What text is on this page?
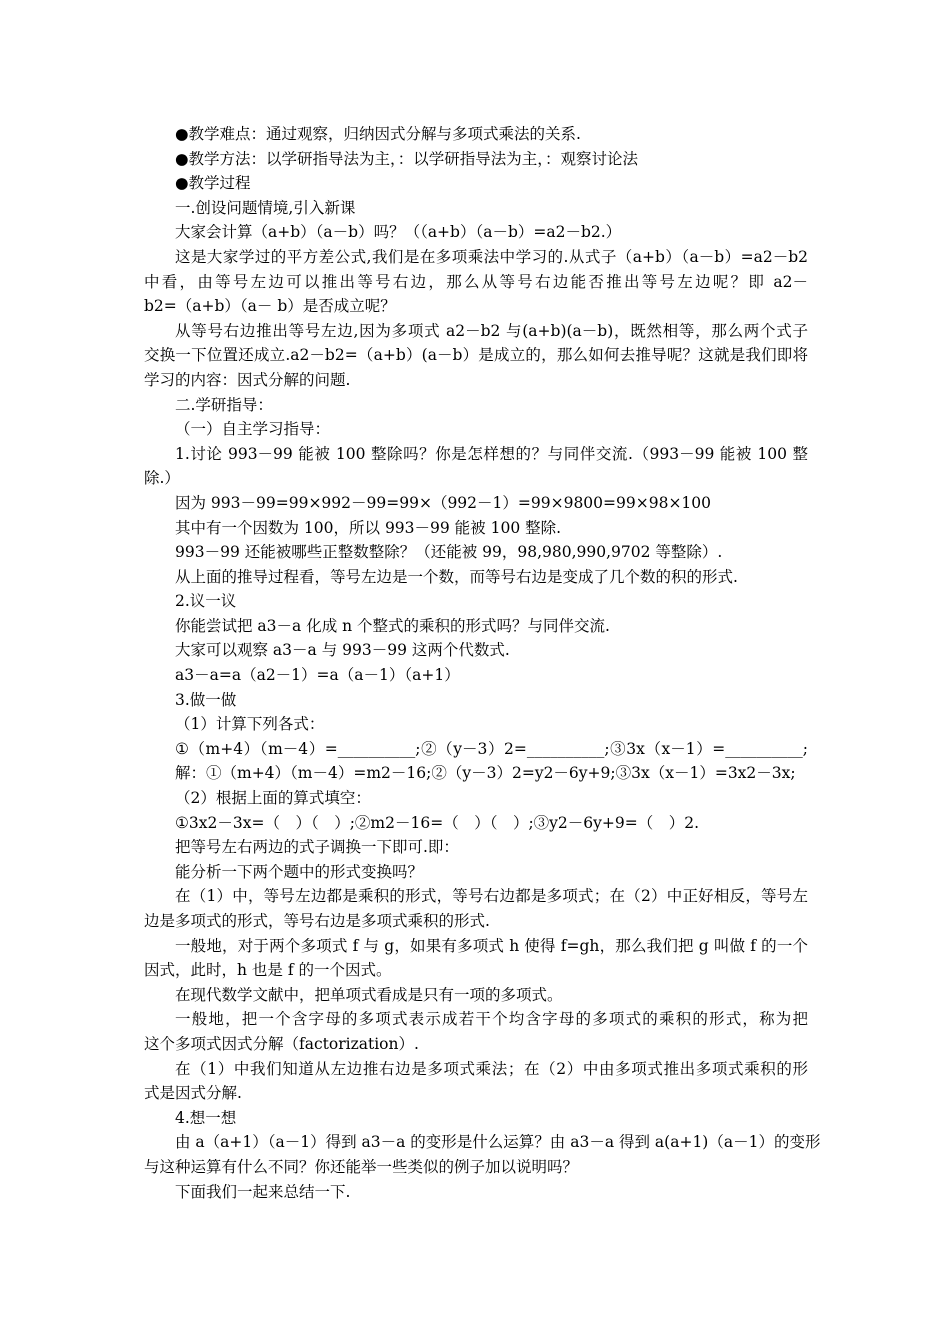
●教学难点：通过观察，归纳因式分解与多项式乘法的关系.
●教学方法：以学研指导法为主，：以学研指导法为主，：观察讨论法
●教学过程
一.创设问题情境,引入新课
大家会计算（a+b）（a－b）吗？（（a+b）（a－b）=a2－b2.）
这是大家学过的平方差公式,我们是在多项乘法中学习的.从式子（a+b）（a－b）=a2－b2
中看，由等号左边可以推出等号右边，那么从等号右边能否推出等号左边呢？即 a2－
b2=（a+b）（a－ b）是否成立呢？
从等号右边推出等号左边,因为多项式 a2－b2 与(a+b)(a－b)，既然相等，那么两个式子
交换一下位置还成立.a2－b2=（a+b）(a－b）是成立的，那么如何去推导呢？这就是我们即将
学习的内容：因式分解的问题.
二.学研指导：
（一）自主学习指导：
1.讨论 993－99 能被 100 整除吗？你是怎样想的？与同伴交流.（993－99 能被 100 整
除.）
因为 993－99=99×992－99=99×（992－1）=99×9800=99×98×100
其中有一个因数为 100，所以 993－99 能被 100 整除.
993－99 还能被哪些正整数整除？（还能被 99，98,980,990,9702 等整除）.
从上面的推导过程看，等号左边是一个数，而等号右边是变成了几个数的积的形式.
2.议一议
你能尝试把 a3－a 化成 n 个整式的乘积的形式吗？与同伴交流.
大家可以观察 a3－a 与 993－99 这两个代数式.
a3－a=a（a2－1）=a（a－1）（a+1）
3.做一做
（1）计算下列各式：
①（m+4）（m－4）=__________;②（y－3）2=__________;③3x（x－1）=__________;
解：①（m+4）（m－4）=m2－16;②（y－3）2=y2－6y+9;③3x（x－1）=3x2－3x;
（2）根据上面的算式填空：
①3x2－3x=（　）（　）;②m2－16=（　）（　）;③y2－6y+9=（　）2.
把等号左右两边的式子调换一下即可.即：
能分析一下两个题中的形式变换吗？
在（1）中，等号左边都是乘积的形式，等号右边都是多项式；在（2）中正好相反，等号左
边是多项式的形式，等号右边是多项式乘积的形式.
一般地，对于两个多项式 f 与 g，如果有多项式 h 使得 f=gh，那么我们把 g 叫做 f 的一个
因式，此时，h 也是 f 的一个因式。
在现代数学文献中，把单项式看成是只有一项的多项式。
一般地，把一个含字母的多项式表示成若干个均含字母的多项式的乘积的形式，称为把
这个多项式因式分解（factorization）.
在（1）中我们知道从左边推右边是多项式乘法；在（2）中由多项式推出多项式乘积的形
式是因式分解.
4.想一想
由 a（a+1）（a－1）得到 a3－a 的变形是什么运算？由 a3－a 得到 a(a+1)（a－1）的变形
与这种运算有什么不同？你还能举一些类似的例子加以说明吗？
下面我们一起来总结一下.
